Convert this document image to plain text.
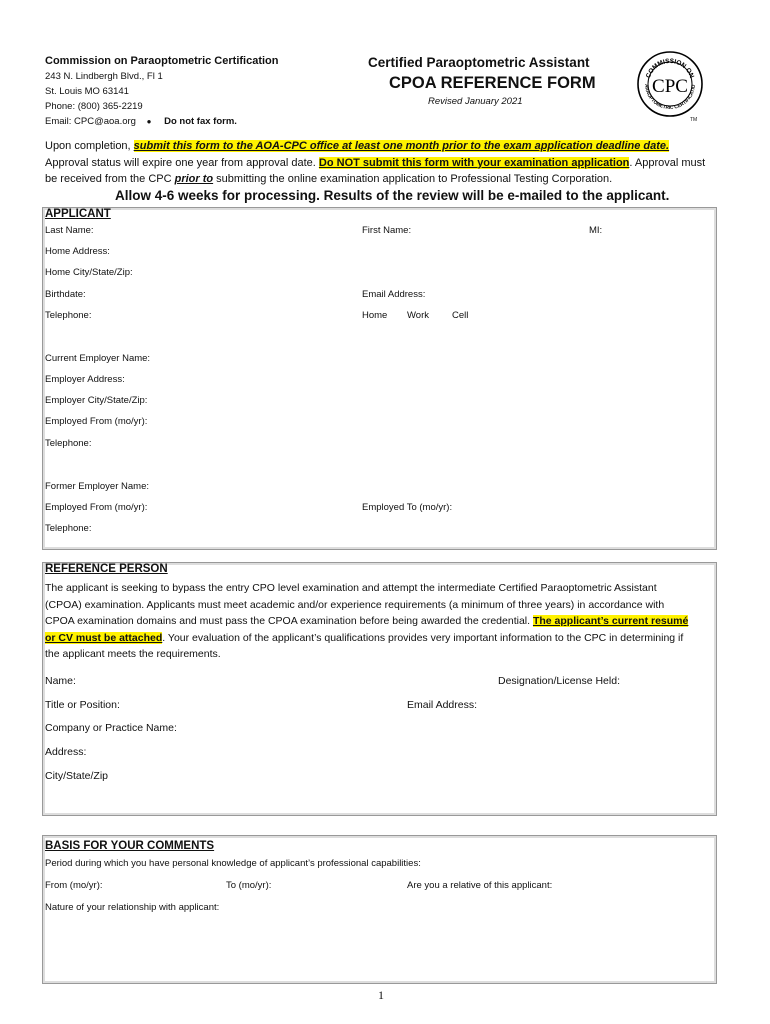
Commission on Paraoptometric Certification
243 N. Lindbergh Blvd., Fl 1
St. Louis MO 63141
Phone: (800) 365-2219
Email: CPC@aoa.org ● Do not fax form.
Certified Paraoptometric Assistant
CPOA REFERENCE FORM
Revised January 2021
COMMISSION ON
ARAOPTOMETRIC CERTIFICATIO
CPC
TM
Upon completion, submit this form to the AOA-CPC office at least one month prior to the exam application deadline date. Approval status will expire one year from approval date. Do NOT submit this form with your examination application. Approval must be received from the CPC prior to submitting the online examination application to Professional Testing Corporation.
Allow 4-6 weeks for processing. Results of the review will be e-mailed to the applicant.
APPLICANT
Last Name:	First Name:	MI:
Home Address:
Home City/State/Zip:
Birthdate:	Email Address:
Telephone:	Home Work Cell
Current Employer Name:
Employer Address:
Employer City/State/Zip:
Employed From (mo/yr):
Telephone:
Former Employer Name:
Employed From (mo/yr):	Employed To (mo/yr):
Telephone:
REFERENCE PERSON
The applicant is seeking to bypass the entry CPO level examination and attempt the intermediate Certified Paraoptometric Assistant (CPOA) examination. Applicants must meet academic and/or experience requirements (a minimum of three years) in accordance with CPOA examination domains and must pass the CPOA examination before being awarded the credential. The applicant’s current resumé or CV must be attached. Your evaluation of the applicant’s qualifications provides very important information to the CPC in determining if the applicant meets the requirements.
Name:	Designation/License Held:
Title or Position:	Email Address:
Company or Practice Name:
Address:
City/State/Zip
BASIS FOR YOUR COMMENTS
Period during which you have personal knowledge of applicant’s professional capabilities:
From (mo/yr):	To (mo/yr):	Are you a relative of this applicant:
Nature of your relationship with applicant:
1
